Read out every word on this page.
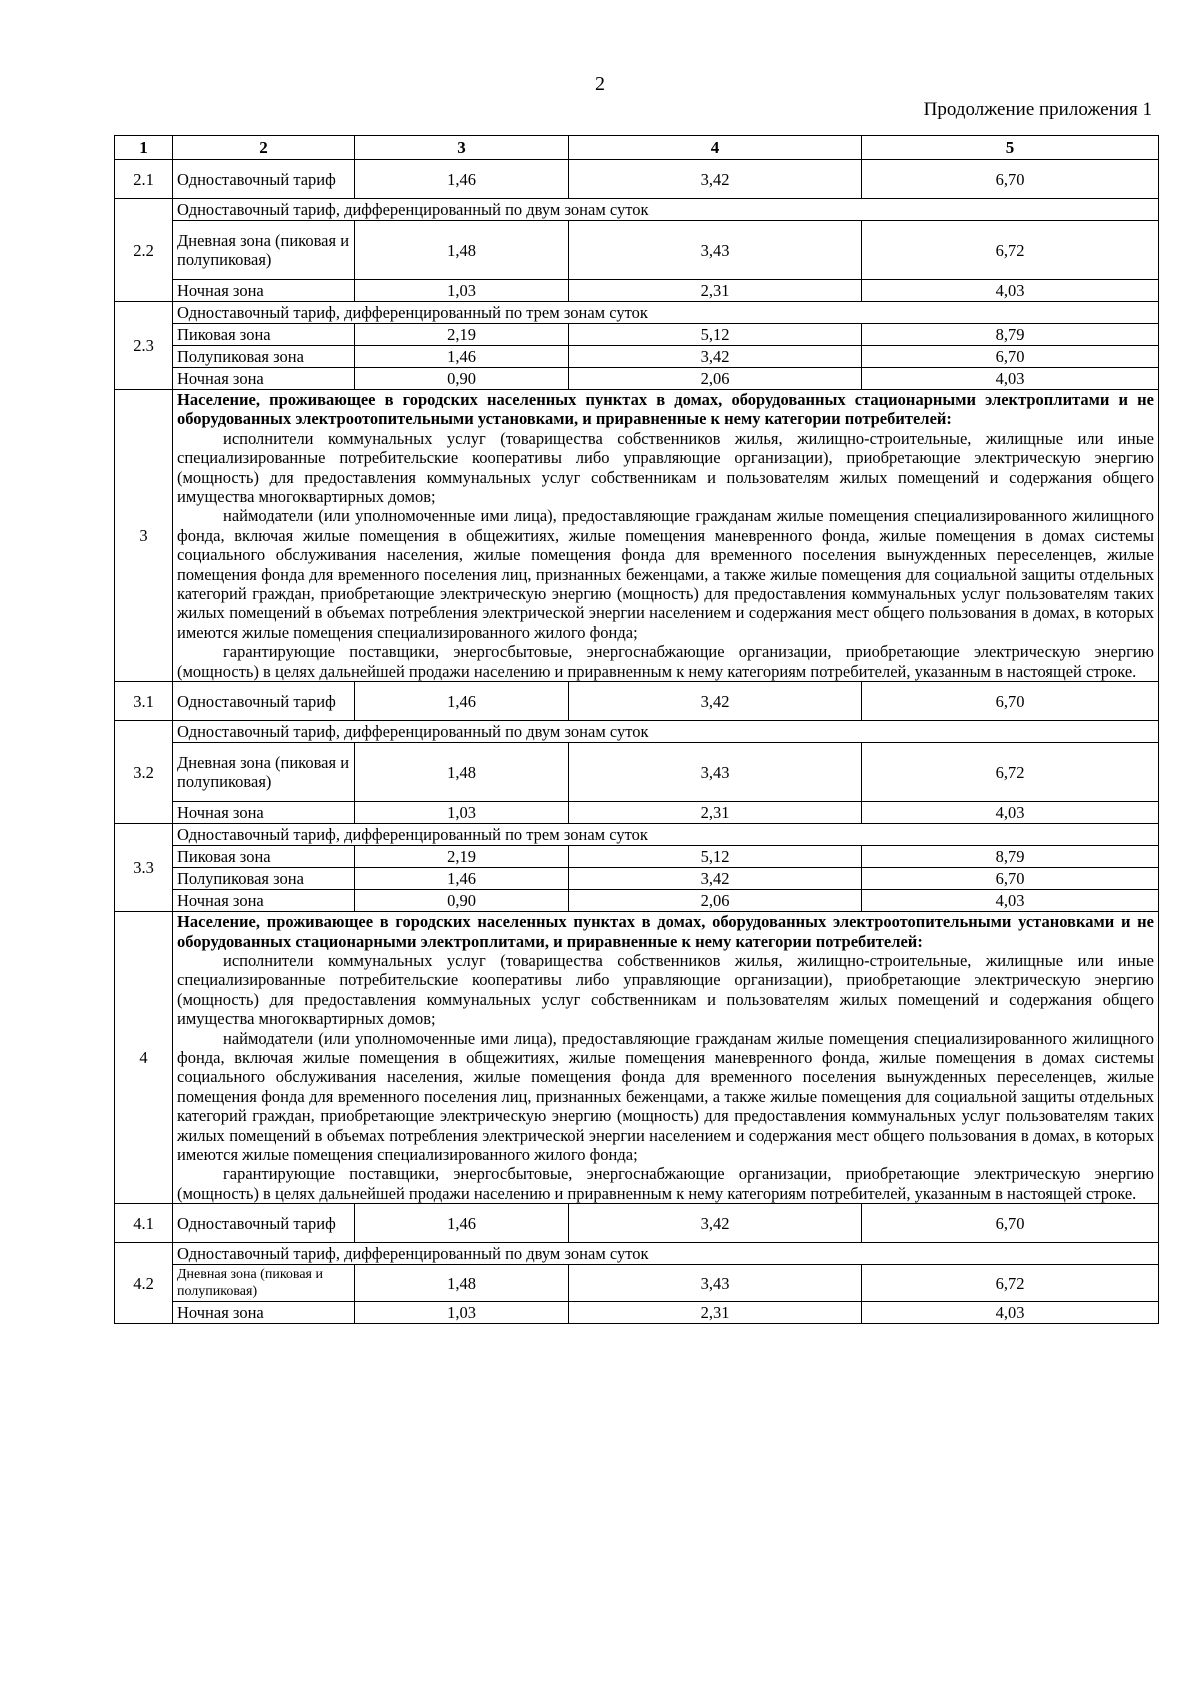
2
Продолжение приложения 1
1	2	3	4	5
2.1	Одноставочный тариф	1,46	3,42	6,70
2.2	Одноставочный тариф, дифференцированный по двум зонам суток			
	Дневная зона (пиковая и полупиковая)	1,48	3,43	6,72
	Ночная зона	1,03	2,31	4,03
2.3	Одноставочный тариф, дифференцированный по трем зонам суток			
	Пиковая зона	2,19	5,12	8,79
	Полупиковая зона	1,46	3,42	6,70
	Ночная зона	0,90	2,06	4,03
3	Население, проживающее в городских населенных пунктах в домах, оборудованных стационарными электроплитами и не оборудованных электроотопительными установками, и приравненные к нему категории потребителей:
исполнители коммунальных услуг (товарищества собственников жилья, жилищно-строительные, жилищные или иные специализированные потребительские кооперативы либо управляющие организации), приобретающие электрическую энергию (мощность) для предоставления коммунальных услуг собственникам и пользователям жилых помещений и содержания общего имущества многоквартирных домов;
наймодатели (или уполномоченные ими лица), предоставляющие гражданам жилые помещения специализированного жилищного фонда, включая жилые помещения в общежитиях, жилые помещения маневренного фонда, жилые помещения в домах системы социального обслуживания населения, жилые помещения фонда для временного поселения вынужденных переселенцев, жилые помещения фонда для временного поселения лиц, признанных беженцами, а также жилые помещения для социальной защиты отдельных категорий граждан, приобретающие электрическую энергию (мощность) для предоставления коммунальных услуг пользователям таких жилых помещений в объемах потребления электрической энергии населением и содержания мест общего пользования в домах, в которых имеются жилые помещения специализированного жилого фонда;
гарантирующие поставщики, энергосбытовые, энергоснабжающие организации, приобретающие электрическую энергию (мощность) в целях дальнейшей продажи населению и приравненным к нему категориям потребителей, указанным в настоящей строке.			

3.1	Одноставочный тариф	1,46	3,42	6,70
3.2	Одноставочный тариф, дифференцированный по двум зонам суток			
	Дневная зона (пиковая и полупиковая)	1,48	3,43	6,72
	Ночная зона	1,03	2,31	4,03
3.3	Одноставочный тариф, дифференцированный по трем зонам суток			
	Пиковая зона	2,19	5,12	8,79
	Полупиковая зона	1,46	3,42	6,70
	Ночная зона	0,90	2,06	4,03
4	Население, проживающее в городских населенных пунктах в домах, оборудованных электроотопительными установками и не оборудованных стационарными электроплитами, и приравненные к нему категории потребителей:
исполнители коммунальных услуг (товарищества собственников жилья, жилищно-строительные, жилищные или иные специализированные потребительские кооперативы либо управляющие организации), приобретающие электрическую энергию (мощность) для предоставления коммунальных услуг собственникам и пользователям жилых помещений и содержания общего имущества многоквартирных домов;
наймодатели (или уполномоченные ими лица), предоставляющие гражданам жилые помещения специализированного жилищного фонда, включая жилые помещения в общежитиях, жилые помещения маневренного фонда, жилые помещения в домах системы социального обслуживания населения, жилые помещения фонда для временного поселения вынужденных переселенцев, жилые помещения фонда для временного поселения лиц, признанных беженцами, а также жилые помещения для социальной защиты отдельных категорий граждан, приобретающие электрическую энергию (мощность) для предоставления коммунальных услуг пользователям таких жилых помещений в объемах потребления электрической энергии населением и содержания мест общего пользования в домах, в которых имеются жилые помещения специализированного жилого фонда;
гарантирующие поставщики, энергосбытовые, энергоснабжающие организации, приобретающие электрическую энергию (мощность) в целях дальнейшей продажи населению и приравненным к нему категориям потребителей, указанным в настоящей строке.			

4.1	Одноставочный тариф	1,46	3,42	6,70
4.2	Одноставочный тариф, дифференцированный по двум зонам суток			
	Дневная зона (пиковая и полупиковая)	1,48	3,43	6,72
	Ночная зона	1,03	2,31	4,03
